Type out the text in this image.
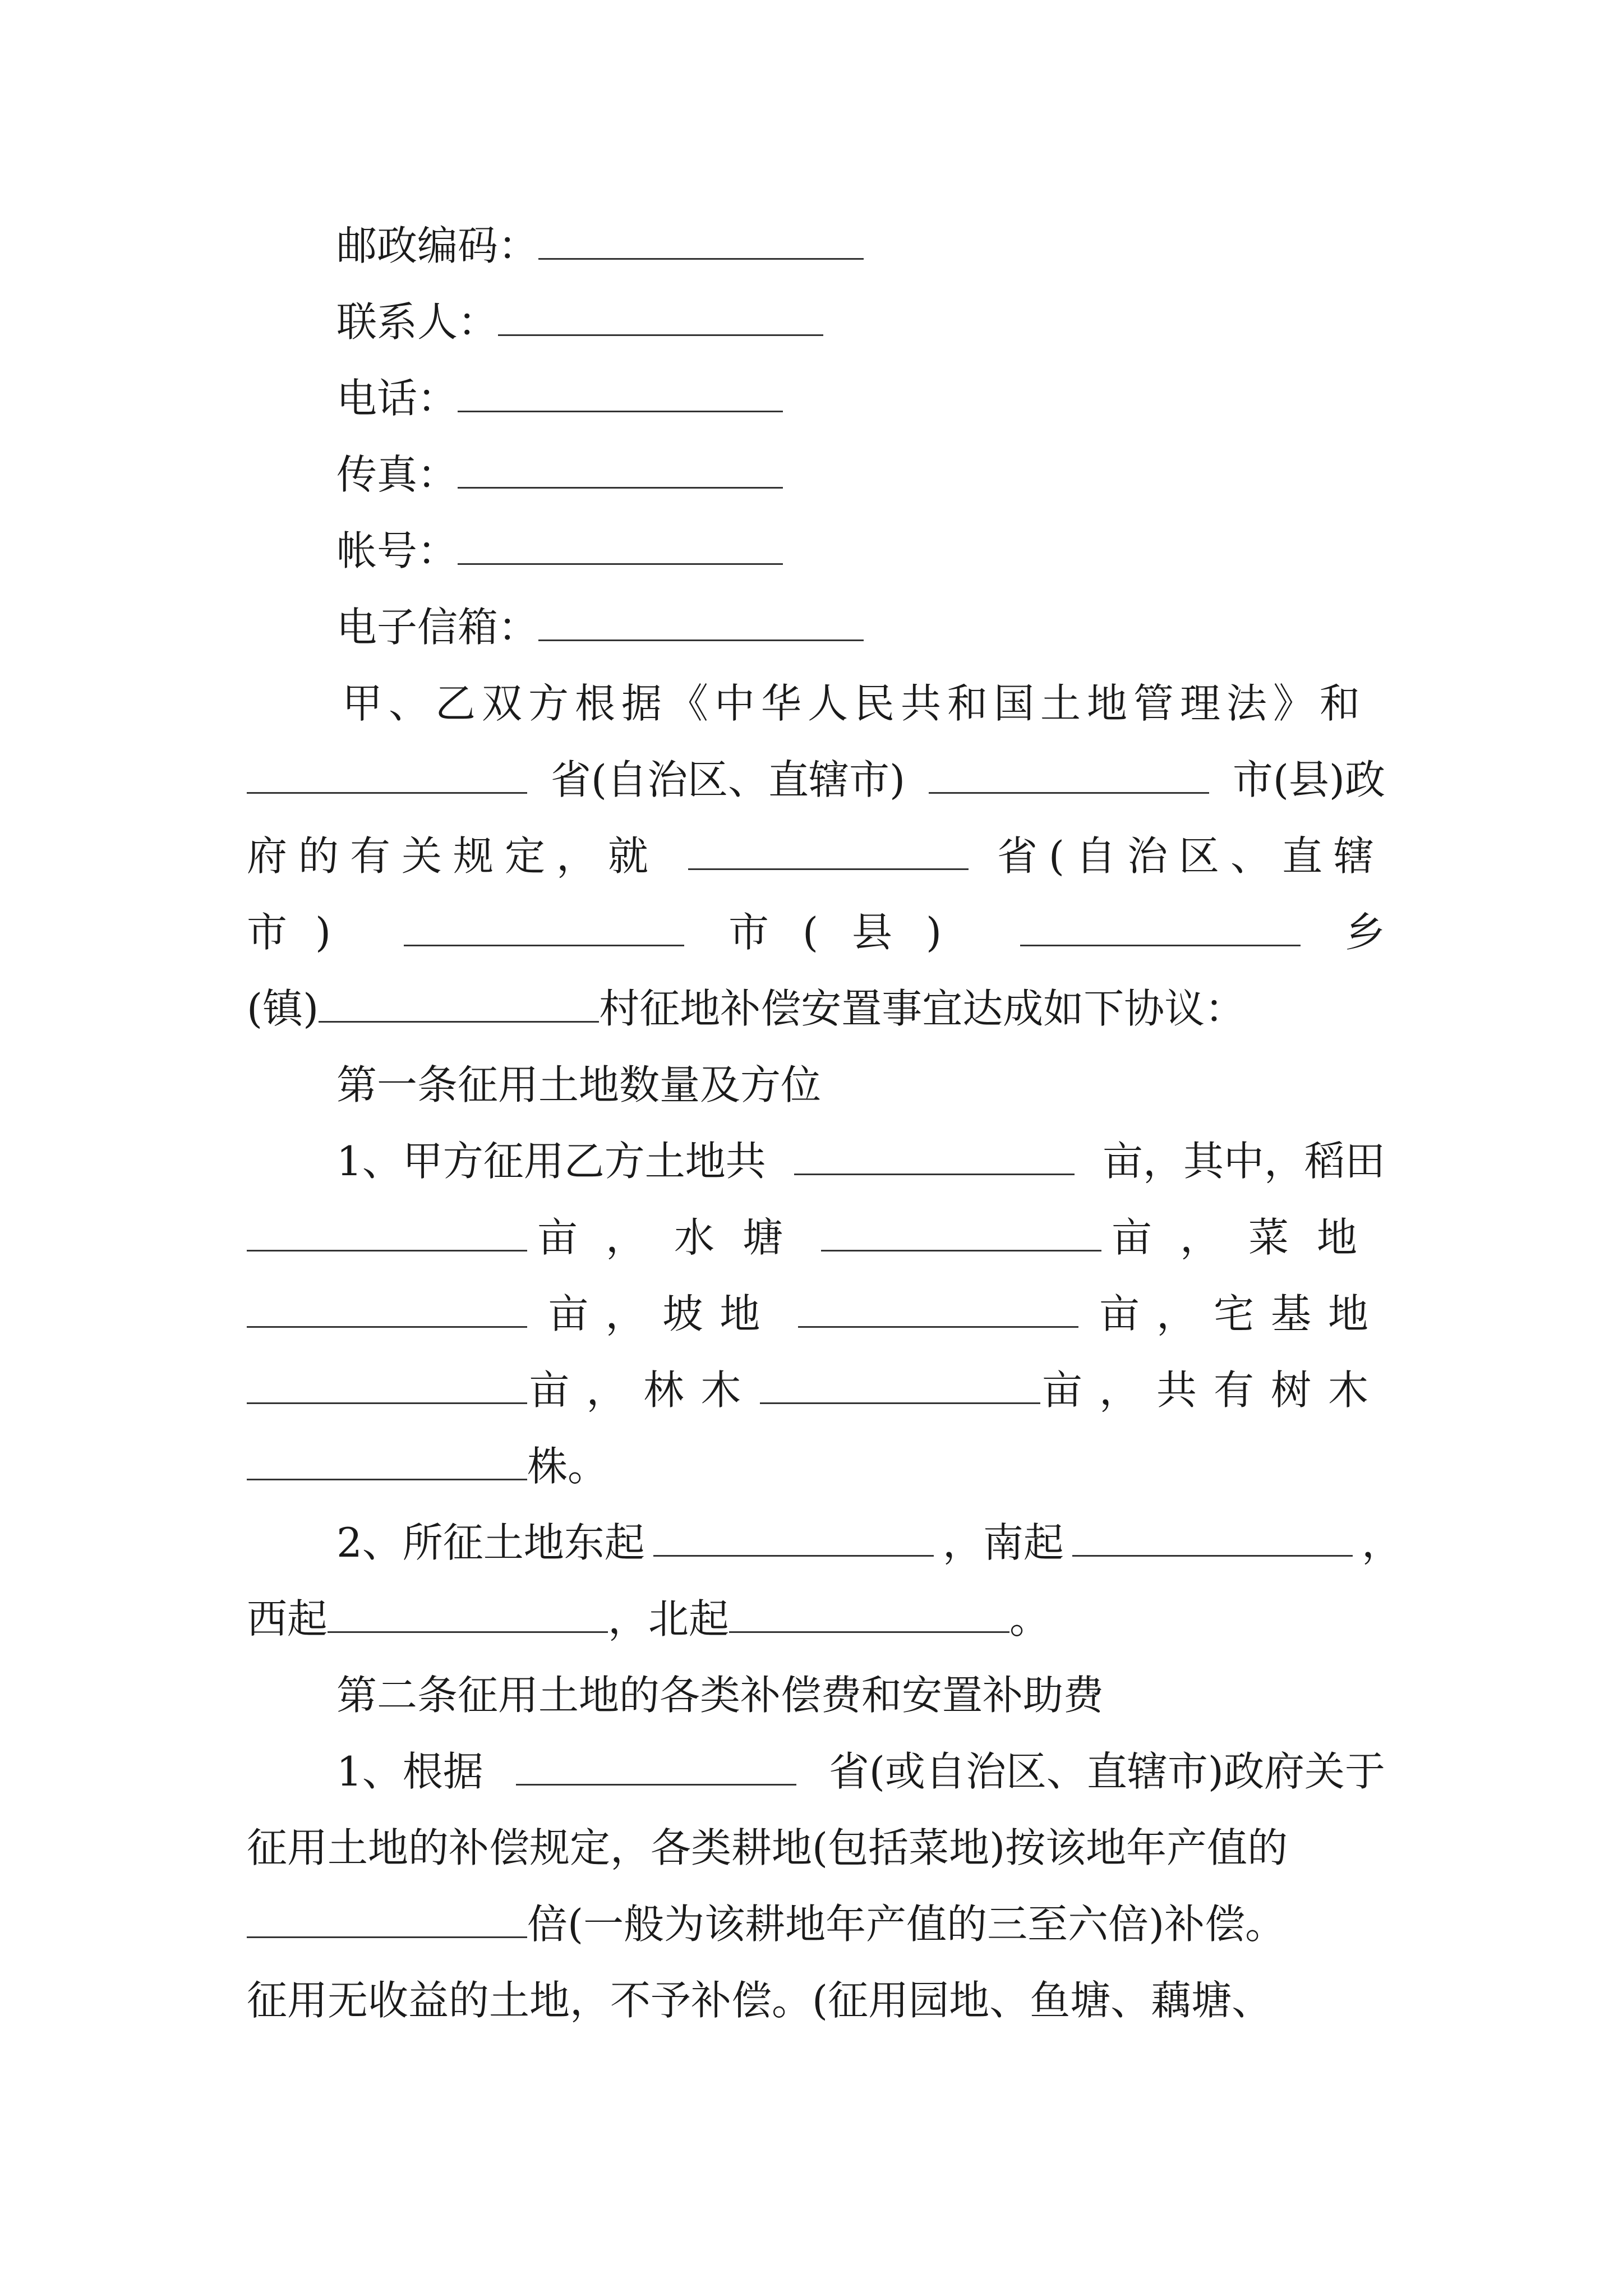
邮政编码：
联系人：
电话：
传真：
帐号：
电子信箱：
甲、乙双方根据《中华人民共和国土地管理法》和
省(自治区、直辖市)	市(县)政
府的有关规定，就	省(自治区、直辖
市)	市(县)	乡
(镇)	村征地补偿安置事宜达成如下协议：
第一条征用土地数量及方位
1、甲方征用乙方土地共	亩，其中，稻田
亩，水塘	亩，菜地
亩，坡地	亩，宅基地
亩，林木	亩，共有树木
株。
2、所征土地东起	，南起	，
西起	，北起	。
第二条征用土地的各类补偿费和安置补助费
1、根据	省(或自治区、直辖市)政府关于
征用土地的补偿规定，各类耕地(包括菜地)按该地年产值的
倍(一般为该耕地年产值的三至六倍)补偿。
征用无收益的土地，不予补偿。(征用园地、鱼塘、藕塘、
